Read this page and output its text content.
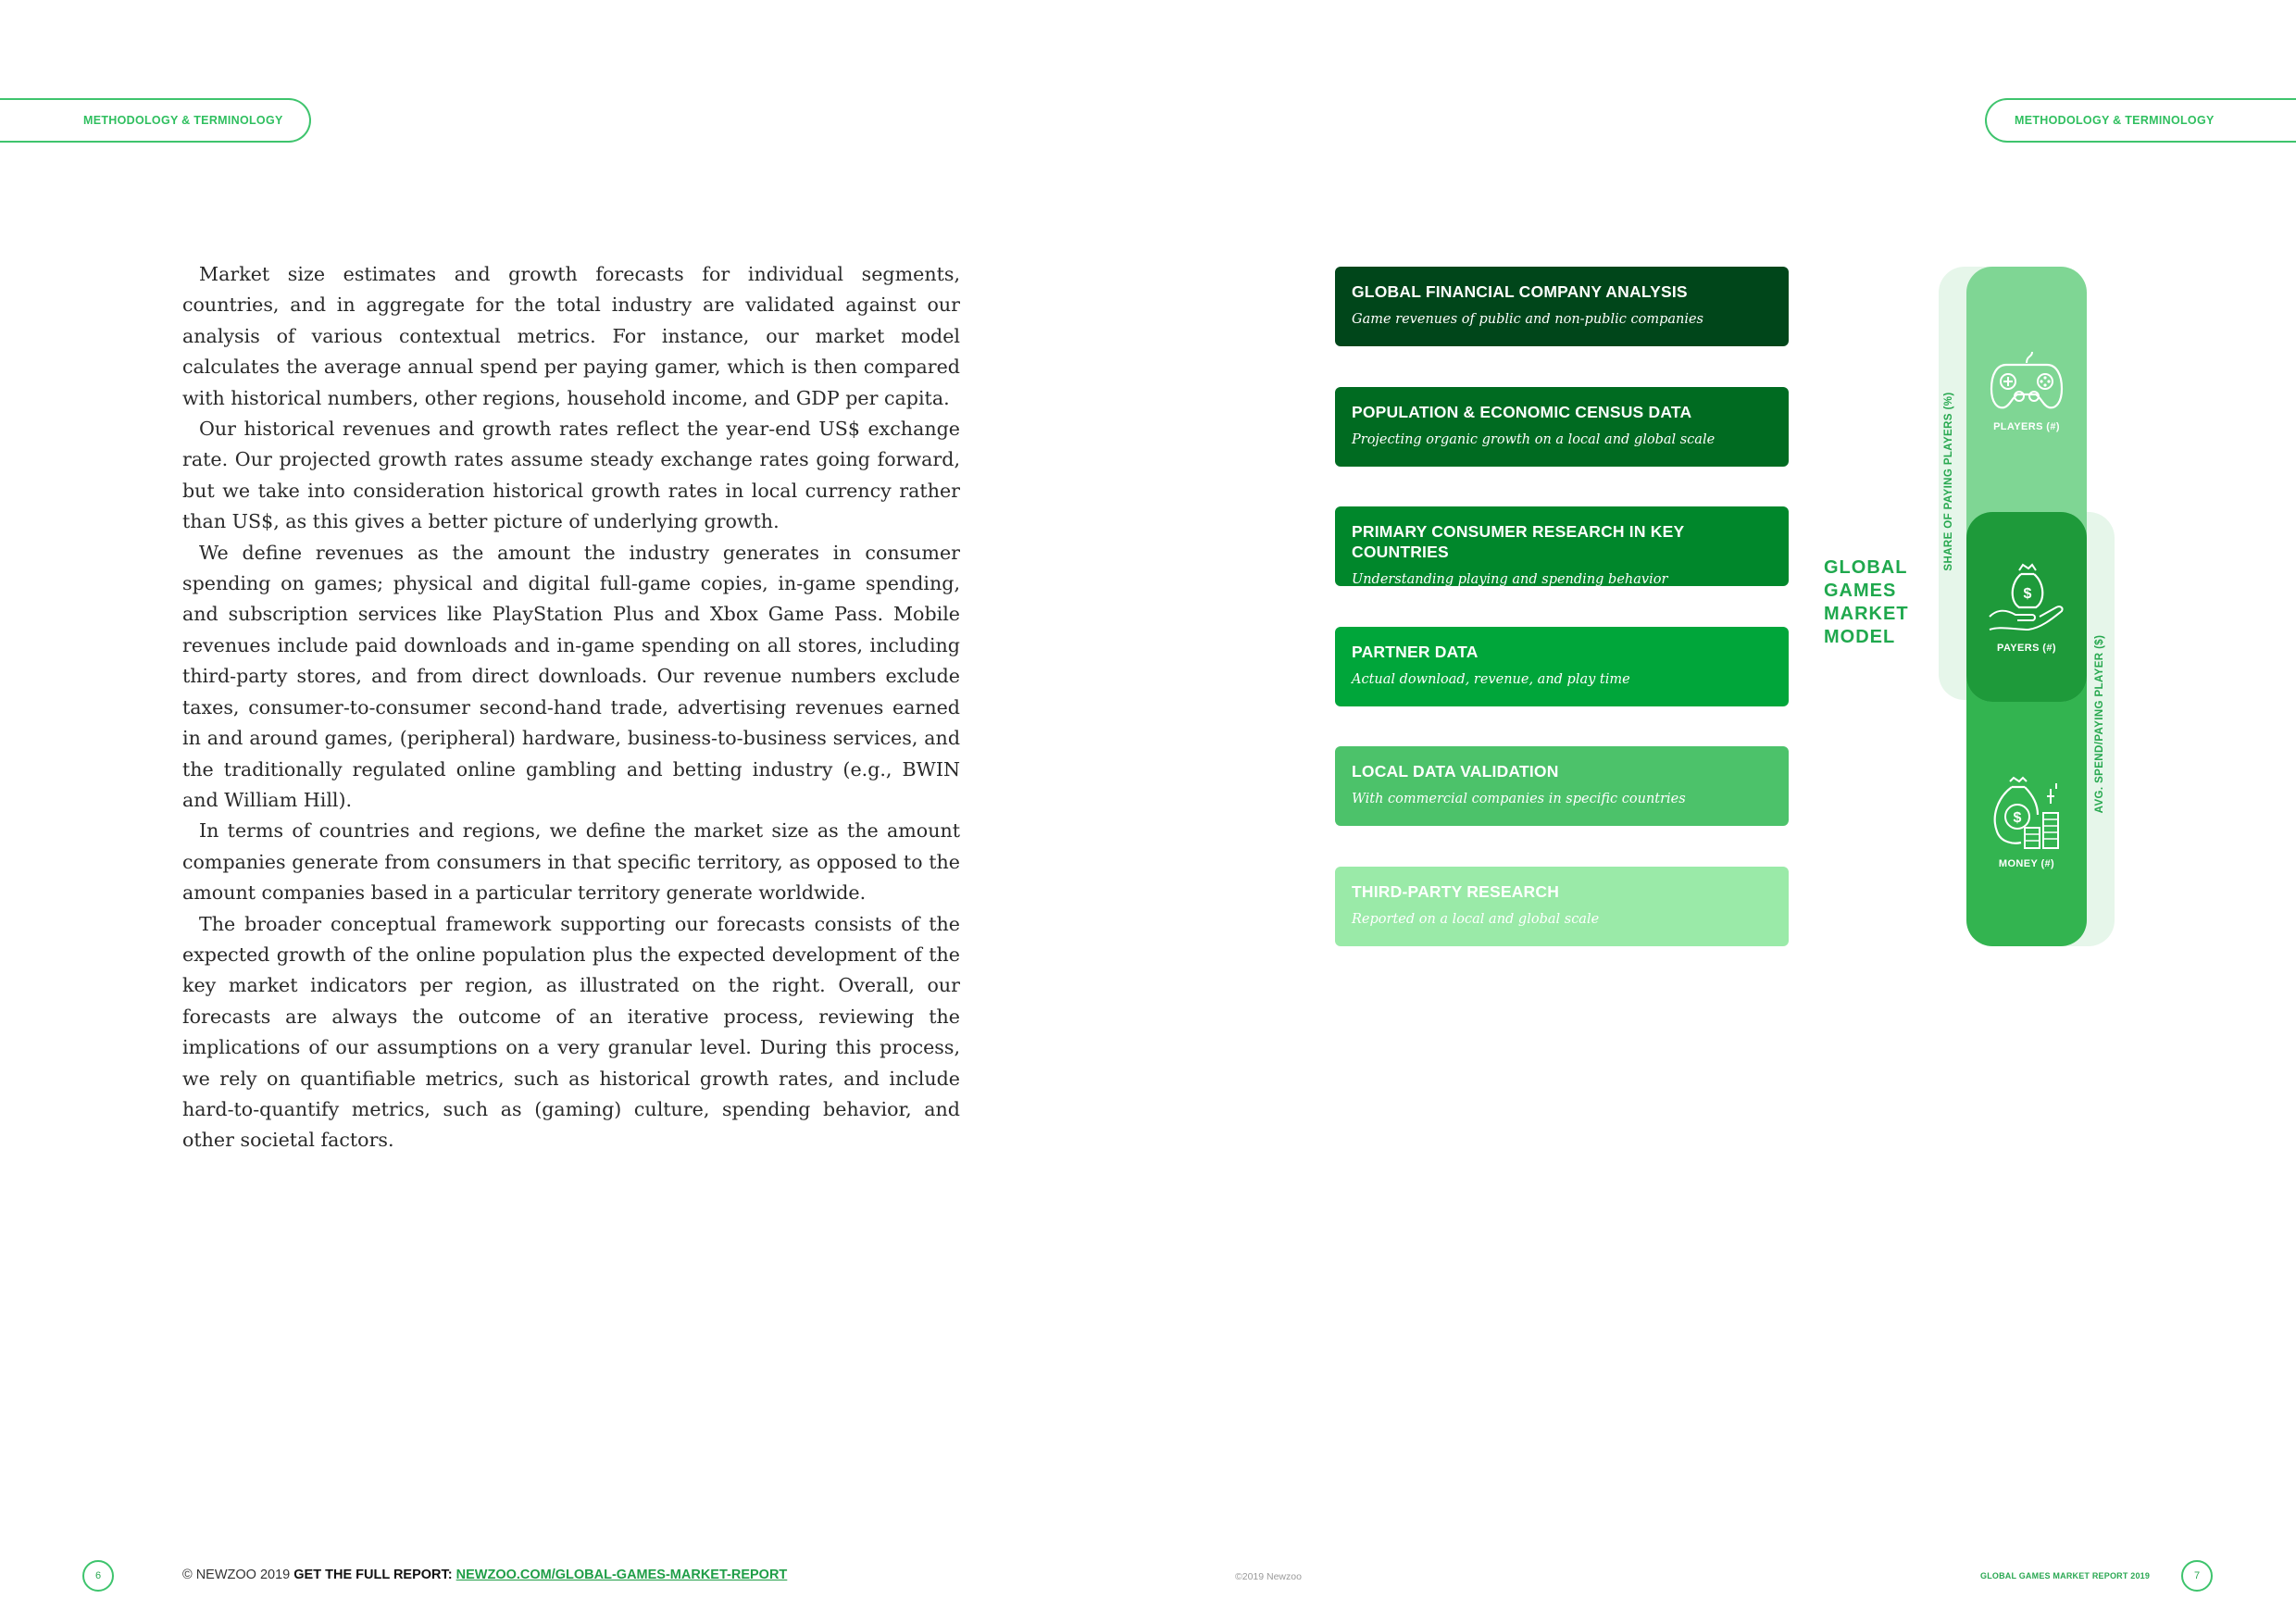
METHODOLOGY & TERMINOLOGY	METHODOLOGY & TERMINOLOGY

Market size estimates and growth forecasts for individual segments, countries, and in aggregate for the total industry are validated against our analysis of various contextual metrics. For instance, our market model calculates the average annual spend per paying gamer, which is then compared with historical numbers, other regions, household income, and GDP per capita.

Our historical revenues and growth rates reflect the year-end US$ exchange rate. Our projected growth rates assume steady exchange rates going forward, but we take into consideration historical growth rates in local currency rather than US$, as this gives a better picture of underlying growth.

We define revenues as the amount the industry generates in consumer spending on games; physical and digital full-game copies, in-game spending, and subscription services like PlayStation Plus and Xbox Game Pass. Mobile revenues include paid downloads and in-game spending on all stores, including third-party stores, and from direct downloads. Our revenue numbers exclude taxes, consumer-to-consumer second-hand trade, advertising revenues earned in and around games, (peripheral) hardware, business-to-business services, and the traditionally regulated online gambling and betting industry (e.g., BWIN and William Hill).

In terms of countries and regions, we define the market size as the amount companies generate from consumers in that specific territory, as opposed to the amount companies based in a particular territory generate worldwide.

The broader conceptual framework supporting our forecasts consists of the expected growth of the online population plus the expected development of the key market indicators per region, as illustrated on the right. Overall, our forecasts are always the outcome of an iterative process, reviewing the implications of our assumptions on a very granular level. During this process, we rely on quantifiable metrics, such as historical growth rates, and include hard-to-quantify metrics, such as (gaming) culture, spending behavior, and other societal factors.

GLOBAL FINANCIAL COMPANY ANALYSIS
Game revenues of public and non-public companies
POPULATION & ECONOMIC CENSUS DATA
Projecting organic growth on a local and global scale
PRIMARY CONSUMER RESEARCH IN KEY COUNTRIES
Understanding playing and spending behavior
PARTNER DATA
Actual download, revenue, and play time
LOCAL DATA VALIDATION
With commercial companies in specific countries
THIRD-PARTY RESEARCH
Reported on a local and global scale
GLOBAL
GAMES
MARKET
MODEL
SHARE OF PAYING PLAYERS (%)
AVG. SPEND/PAYING PLAYER ($)
PLAYERS (#)
$
PAYERS (#)
$
MONEY (#)
6	© NEWZOO 2019 GET THE FULL REPORT: NEWZOO.COM/GLOBAL-GAMES-MARKET-REPORT	©2019 Newzoo	GLOBAL GAMES MARKET REPORT 2019	7
